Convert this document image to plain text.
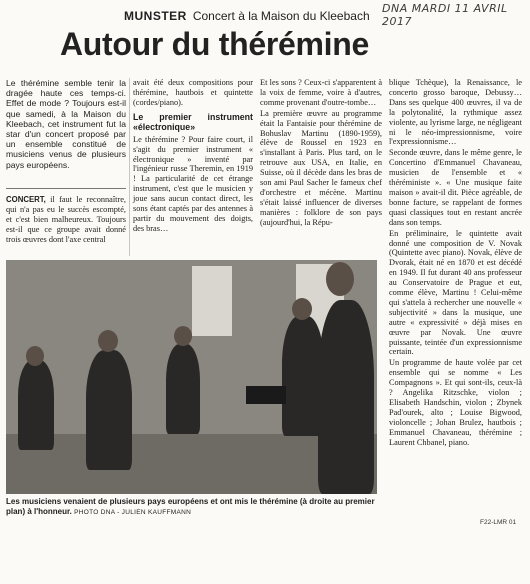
DNA MARDI 11 AVRIL 2017
MUNSTER Concert à la Maison du Kleebach
Autour du thérémine
Le thérémine semble tenir la dragée haute ces temps-ci. Effet de mode ? Toujours est-il que samedi, à la Maison du Kleebach, cet instrument fut la star d'un concert proposé par un ensemble constitué de musiciens venus de plusieurs pays européens.
CONCERT, il faut le reconnaître, qui n'a pas eu le succès escompté, et c'est bien malheureux. Toujours est-il que ce groupe avait donné trois œuvres dont l'axe central

avait été deux compositions pour thérémine, hautbois et quintette (cordes/piano).

Le premier instrument «électronique»

Le thérémine ? Pour faire court, il s'agit du premier instrument « électronique » inventé par l'ingénieur russe Theremin, en 1919 ! La particularité de cet étrange instrument, c'est que le musicien y joue sans aucun contact direct, les sons étant captés par des antennes à partir du mouvement des doigts, des bras…

Et les sons ? Ceux-ci s'apparentent à la voix de femme, voire à d'autres, comme provenant d'outre-tombe…

La première œuvre au programme était la Fantaisie pour thérémine de Bohuslav Martinu (1890-1959), élève de Roussel en 1923 en s'installant à Paris. Plus tard, on le retrouve aux USA, en Italie, en Suisse, où il décède dans les bras de son ami Paul Sacher le fameux chef d'orchestre et mécène. Martinu s'était laissé influencer de diverses manières : folklore de son pays (aujourd'hui, la Répu-

blique Tchèque), la Renaissance, le concerto grosso baroque, Debussy… Dans ses quelque 400 œuvres, il va de la polytonalité, la rythmique assez violente, au lyrisme large, ne négligeant ni le néo-impressionnisme, voire l'expressionnisme…

Seconde œuvre, dans le même genre, le Concertino d'Emmanuel Chavaneau, musicien de l'ensemble et « théréministe ». « Une musique faite maison » avait-il dit. Pièce agréable, de bonne facture, se rappelant de formes quasi classiques tout en restant ancrée dans son temps.

En préliminaire, le quintette avait donné une composition de V. Novak (Quintette avec piano). Novak, élève de Dvorak, était né en 1870 et est décédé en 1949. Il fut durant 40 ans professeur au Conservatoire de Prague et eut, comme élève, Martinu ! Celui-même qui s'attela à rechercher une nouvelle « subjectivité » dans la musique, une autre « expressivité » déjà mises en œuvre par Novak. Une œuvre puissante, teintée d'un expressionnisme certain.

Un programme de haute volée par cet ensemble qui se nomme « Les Compagnons ». Et qui sont-ils, ceux-là ? Angelika Ritzschke, violon ; Elisabeth Handschin, violon ; Zbynek Pad'ourek, alto ; Louise Bigwood, violoncelle ; Johan Brulez, hautbois ; Emmanuel Chavaneau, thérémine ; Laurent Chbanel, piano.

Les musiciens venaient de plusieurs pays européens et ont mis le thérémine (à droite au premier plan) à l'honneur. PHOTO DNA - JULIEN KAUFFMANN
F22-LMR 01
